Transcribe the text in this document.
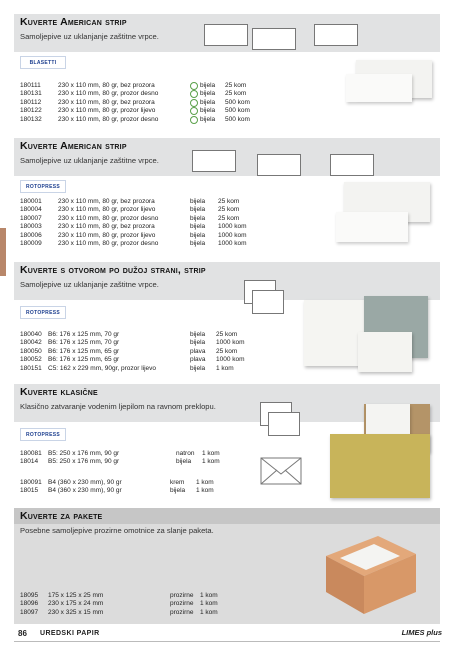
Kuverte American strip
Samoljepive uz uklanjanje zaštitne vrpce.
BLASETTI
180111	230 x 110 mm, 80 gr, bez prozora	bijela 25 kom
180131	230 x 110 mm, 80 gr, prozor desno	bijela 25 kom
180112	230 x 110 mm, 80 gr, bez prozora	bijela 500 kom
180122	230 x 110 mm, 80 gr, prozor lijevo	bijela 500 kom
180132	230 x 110 mm, 80 gr, prozor desno	bijela 500 kom
Kuverte American strip
Samoljepive uz uklanjanje zaštitne vrpce.
ROTOPRESS
180001	230 x 110 mm, 80 gr, bez prozora	bijela 25 kom
180004	230 x 110 mm, 80 gr, prozor lijevo	bijela 25 kom
180007	230 x 110 mm, 80 gr, prozor desno	bijela 25 kom
180003	230 x 110 mm, 80 gr, bez prozora	bijela 1000 kom
180006	230 x 110 mm, 80 gr, prozor lijevo	bijela 1000 kom
180009	230 x 110 mm, 80 gr, prozor desno	bijela 1000 kom
Kuverte s otvorom po dužoj strani, strip
Samoljepive uz uklanjanje zaštitne vrpce.
ROTOPRESS
180040 B6: 176 x 125 mm, 70 gr	bijela 25 kom
180042 B6: 176 x 125 mm, 70 gr	bijela 1000 kom
180050 B6: 176 x 125 mm, 65 gr	plava 25 kom
180052 B6: 176 x 125 mm, 65 gr	plava 1000 kom
180151 C5: 162 x 229 mm, 90gr, prozor lijevo	bijela 1 kom
Kuverte klasične
Klasično zatvaranje vodenim ljepilom na ravnom preklopu.
ROTOPRESS
180081 B5: 250 x 176 mm, 90 gr	natron 1 kom
18014 B5: 250 x 176 mm, 90 gr	bijela 1 kom
180091 B4 (360 x 230 mm), 90 gr	krem 1 kom
18015 B4 (360 x 230 mm), 90 gr	bijela 1 kom
Kuverte za pakete
Posebne samoljepive prozirne omotnice za slanje paketa.
18095 175 x 125 x 25 mm	prozirne 1 kom
18096 230 x 175 x 24 mm	prozirne 1 kom
18097 230 x 325 x 15 mm	prozirne 1 kom
86 UREDSKI PAPIR	LIMES plus
